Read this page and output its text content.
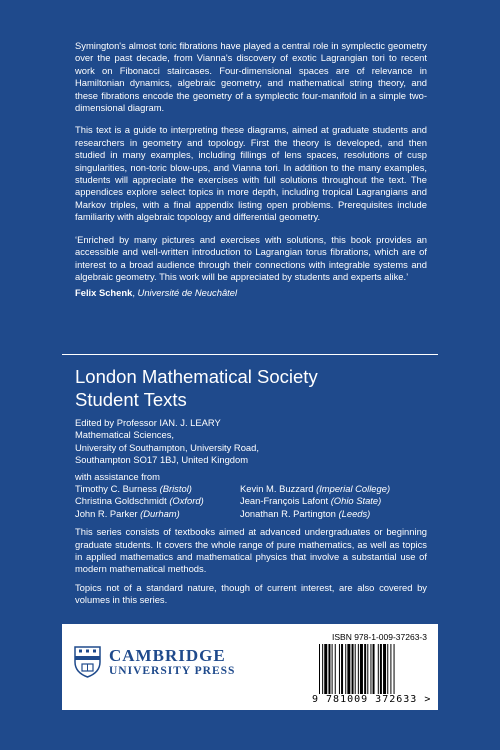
Symington's almost toric fibrations have played a central role in symplectic geometry over the past decade, from Vianna's discovery of exotic Lagrangian tori to recent work on Fibonacci staircases. Four-dimensional spaces are of relevance in Hamiltonian dynamics, algebraic geometry, and mathematical string theory, and these fibrations encode the geometry of a symplectic four-manifold in a simple two-dimensional diagram.

This text is a guide to interpreting these diagrams, aimed at graduate students and researchers in geometry and topology. First the theory is developed, and then studied in many examples, including fillings of lens spaces, resolutions of cusp singularities, non-toric blow-ups, and Vianna tori. In addition to the many examples, students will appreciate the exercises with full solutions throughout the text. The appendices explore select topics in more depth, including tropical Lagrangians and Markov triples, with a final appendix listing open problems. Prerequisites include familiarity with algebraic topology and differential geometry.

‘Enriched by many pictures and exercises with solutions, this book provides an accessible and well-written introduction to Lagrangian torus fibrations, which are of interest to a broad audience through their connections with integrable systems and algebraic geometry. This work will be appreciated by students and experts alike.’

Felix Schenk, Université de Neuchâtel

London Mathematical Society
Student Texts
Edited by Professor IAN. J. LEARY
Mathematical Sciences,
University of Southampton, University Road,
Southampton SO17 1BJ, United Kingdom
with assistance from
Timothy C. Burness (Bristol)	Kevin M. Buzzard (Imperial College)
Christina Goldschmidt (Oxford)	Jean-François Lafont (Ohio State)
John R. Parker (Durham)	Jonathan R. Partington (Leeds)

This series consists of textbooks aimed at advanced undergraduates or beginning graduate students. It covers the whole range of pure mathematics, as well as topics in applied mathematics and mathematical physics that involve a substantial use of modern mathematical methods.

Topics not of a standard nature, though of current interest, are also covered by volumes in this series.

CAMBRIDGE
UNIVERSITY PRESS
ISBN 978-1-009-37263-3
9 781009 372633 >
